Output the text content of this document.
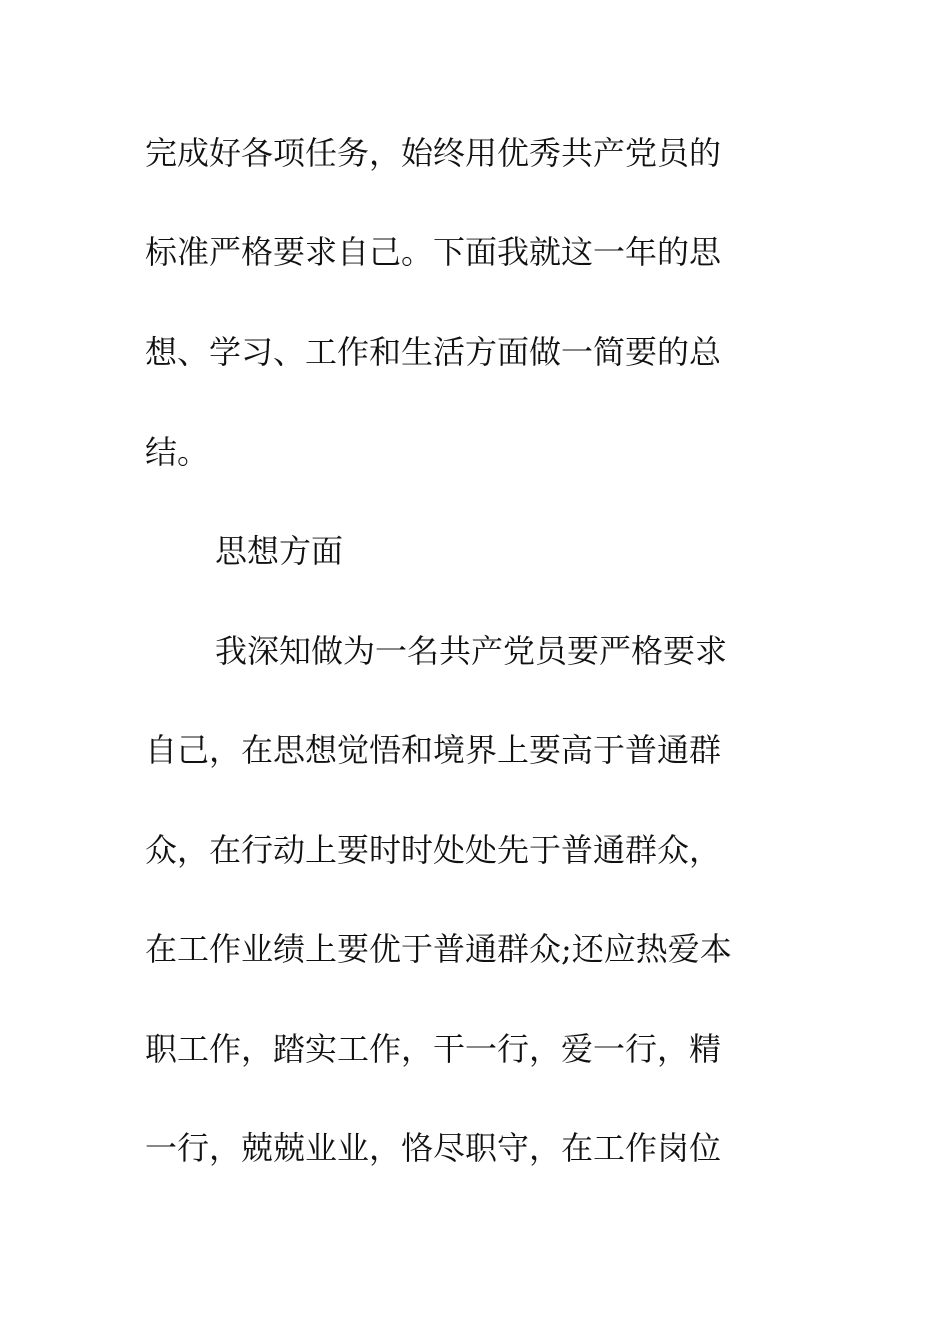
完成好各项任务，始终用优秀共产党员的

标准严格要求自己。下面我就这一年的思

想、学习、工作和生活方面做一简要的总

结。

思想方面

我深知做为一名共产党员要严格要求

自己，在思想觉悟和境界上要高于普通群

众，在行动上要时时处处先于普通群众，

在工作业绩上要优于普通群众;还应热爱本

职工作，踏实工作，干一行，爱一行，精

一行，兢兢业业，恪尽职守，在工作岗位
